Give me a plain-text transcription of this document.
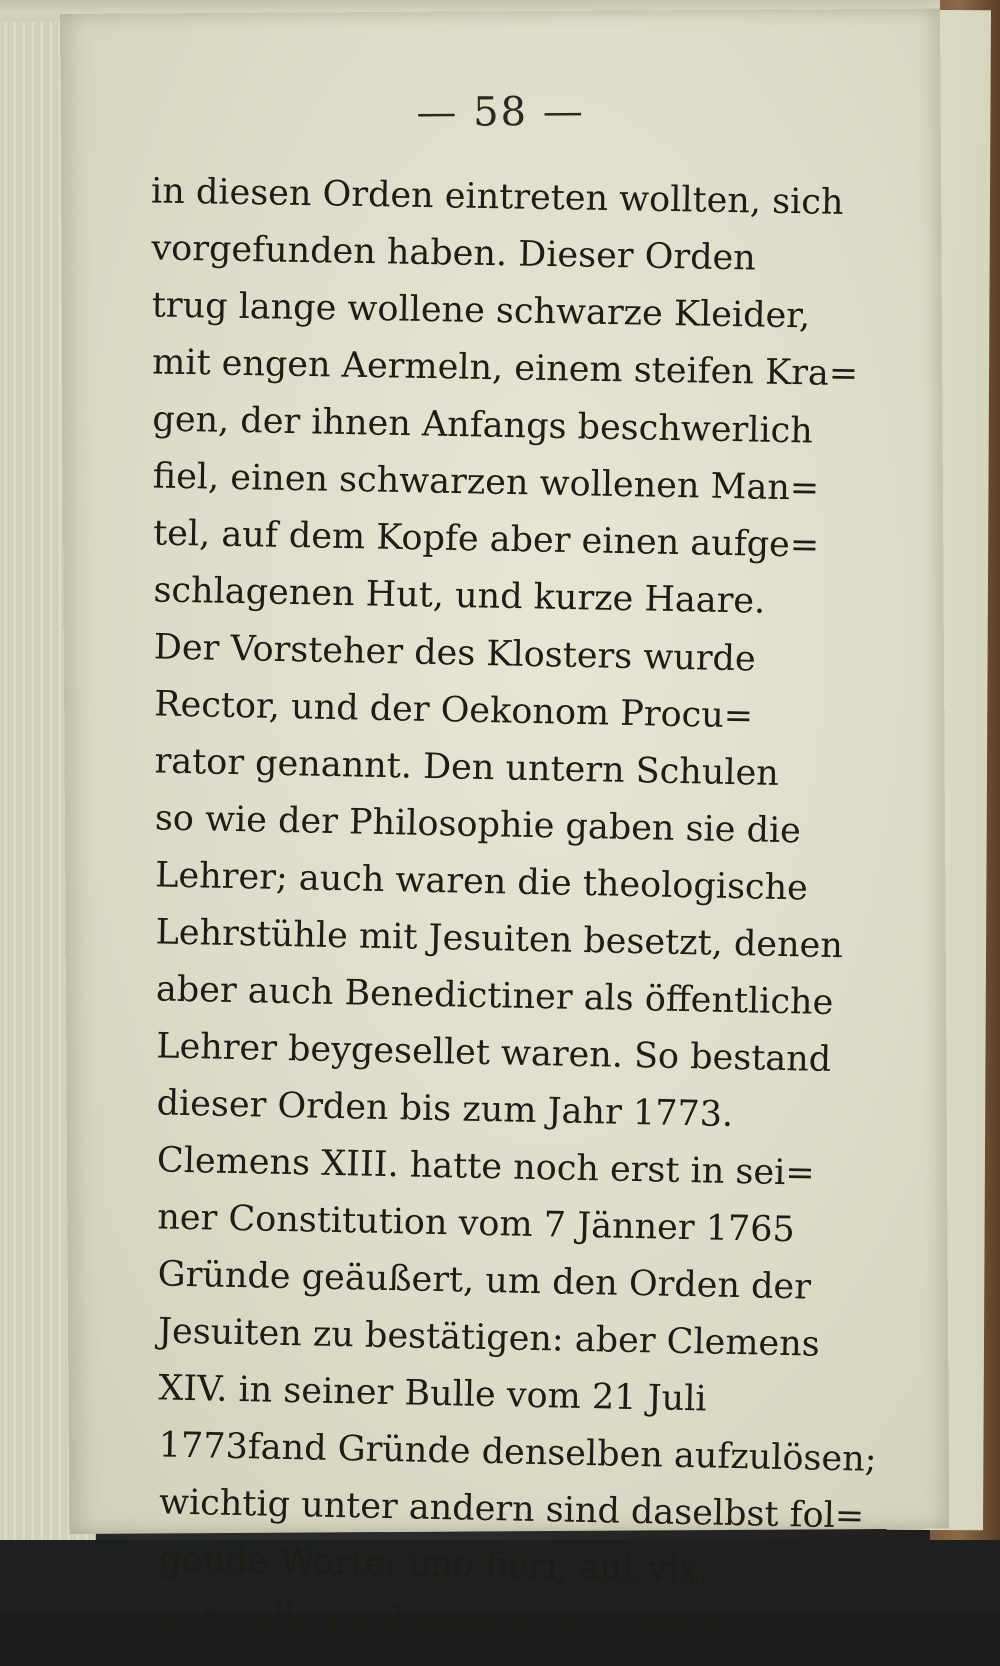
— 58 —
in diesen Orden eintreten wollten, sich
vorgefunden haben. Dieser Orden
trug lange wollene schwarze Kleider,
mit engen Aermeln, einem steifen Kra=
gen, der ihnen Anfangs beschwerlich
fiel, einen schwarzen wollenen Man=
tel, auf dem Kopfe aber einen aufge=
schlagenen Hut, und kurze Haare.
Der Vorsteher des Klosters wurde
Rector, und der Oekonom Procu=
rator genannt. Den untern Schulen
so wie der Philosophie gaben sie die
Lehrer; auch waren die theologische
Lehrstühle mit Jesuiten besetzt, denen
aber auch Benedictiner als öffentliche
Lehrer beygesellet waren. So bestand
dieser Orden bis zum Jahr 1773.
Clemens XIII. hatte noch erst in sei=
ner Constitution vom 7 Jänner 1765
Gründe geäußert, um den Orden der
Jesuiten zu bestätigen: aber Clemens
XIV. in seiner Bulle vom 21 Juli
1773fand Gründe denselben aufzulösen;
wichtig unter andern sind daselbst fol=
gende Worte: imo fieri, aut vix,
aut nullo modo posse ut ea (Die
